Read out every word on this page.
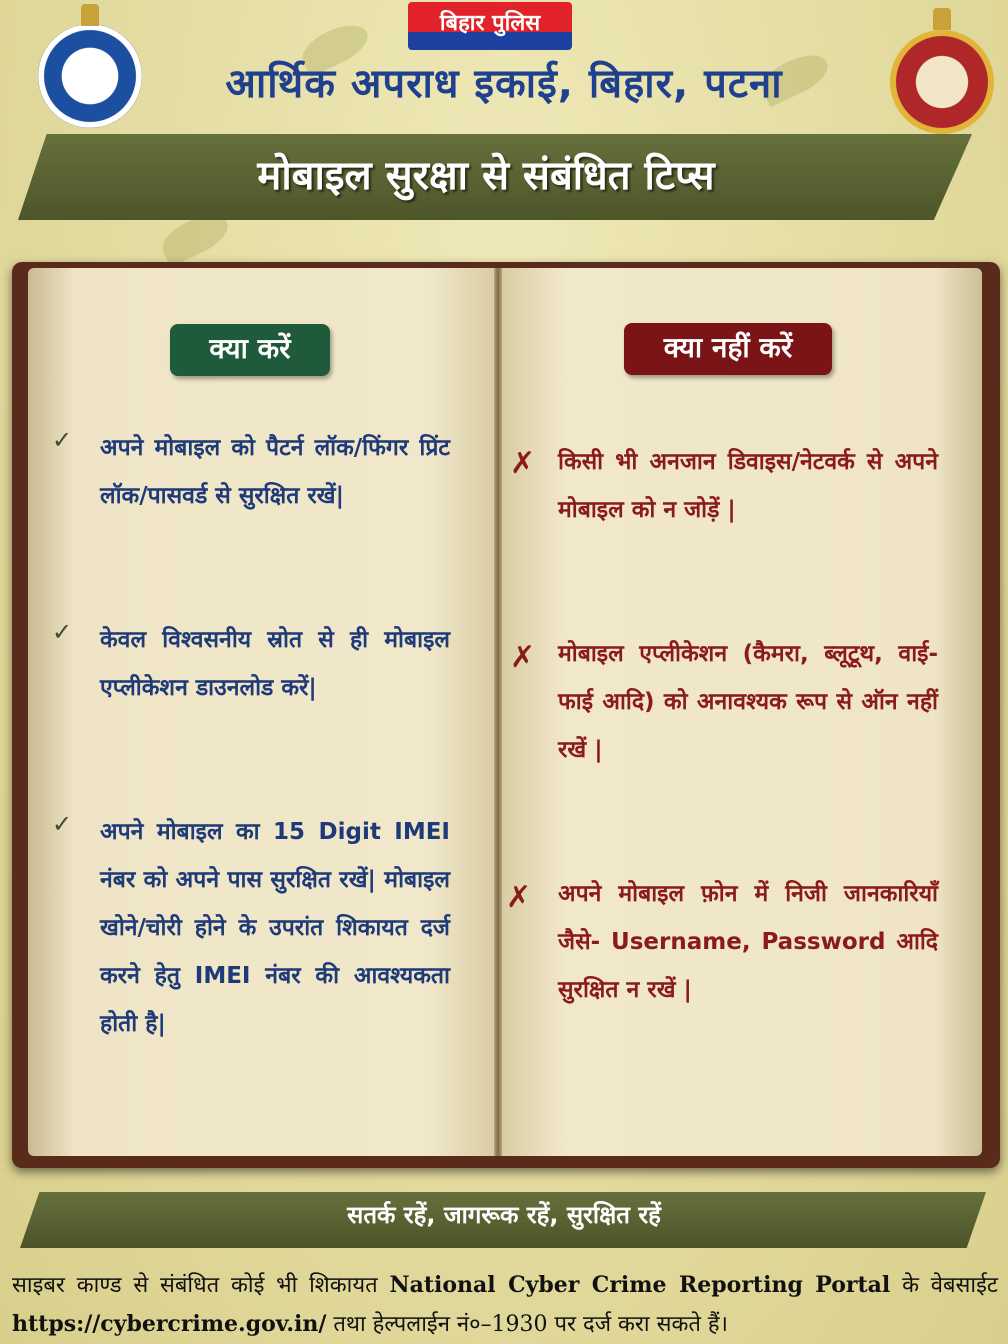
बिहार पुलिस
आर्थिक अपराध इकाई, बिहार, पटना
मोबाइल सुरक्षा से संबंधित टिप्स
क्या करें	क्या नहीं करें
✓ अपने मोबाइल को पैटर्न लॉक/फिंगर प्रिंट लॉक/पासवर्ड से सुरक्षित रखें|
✓ केवल विश्वसनीय स्रोत से ही मोबाइल एप्लीकेशन डाउनलोड करें|
✓ अपने मोबाइल का 15 Digit IMEI नंबर को अपने पास सुरक्षित रखें| मोबाइल खोने/चोरी होने के उपरांत शिकायत दर्ज करने हेतु IMEI नंबर की आवश्यकता होती है|
✗ किसी भी अनजान डिवाइस/नेटवर्क से अपने मोबाइल को न जोड़ें |
✗ मोबाइल एप्लीकेशन (कैमरा, ब्लूटूथ, वाई-फाई आदि) को अनावश्यक रूप से ऑन नहीं रखें |
✗ अपने मोबाइल फ़ोन में निजी जानकारियाँ जैसे- Username, Password आदि सुरक्षित न रखें |
सतर्क रहें, जागरूक रहें, सुरक्षित रहें
साइबर काण्ड से संबंधित कोई भी शिकायत National Cyber Crime Reporting Portal के वेबसाईट https://cybercrime.gov.in/ तथा हेल्पलाईन नं०–1930 पर दर्ज करा सकते हैं।
